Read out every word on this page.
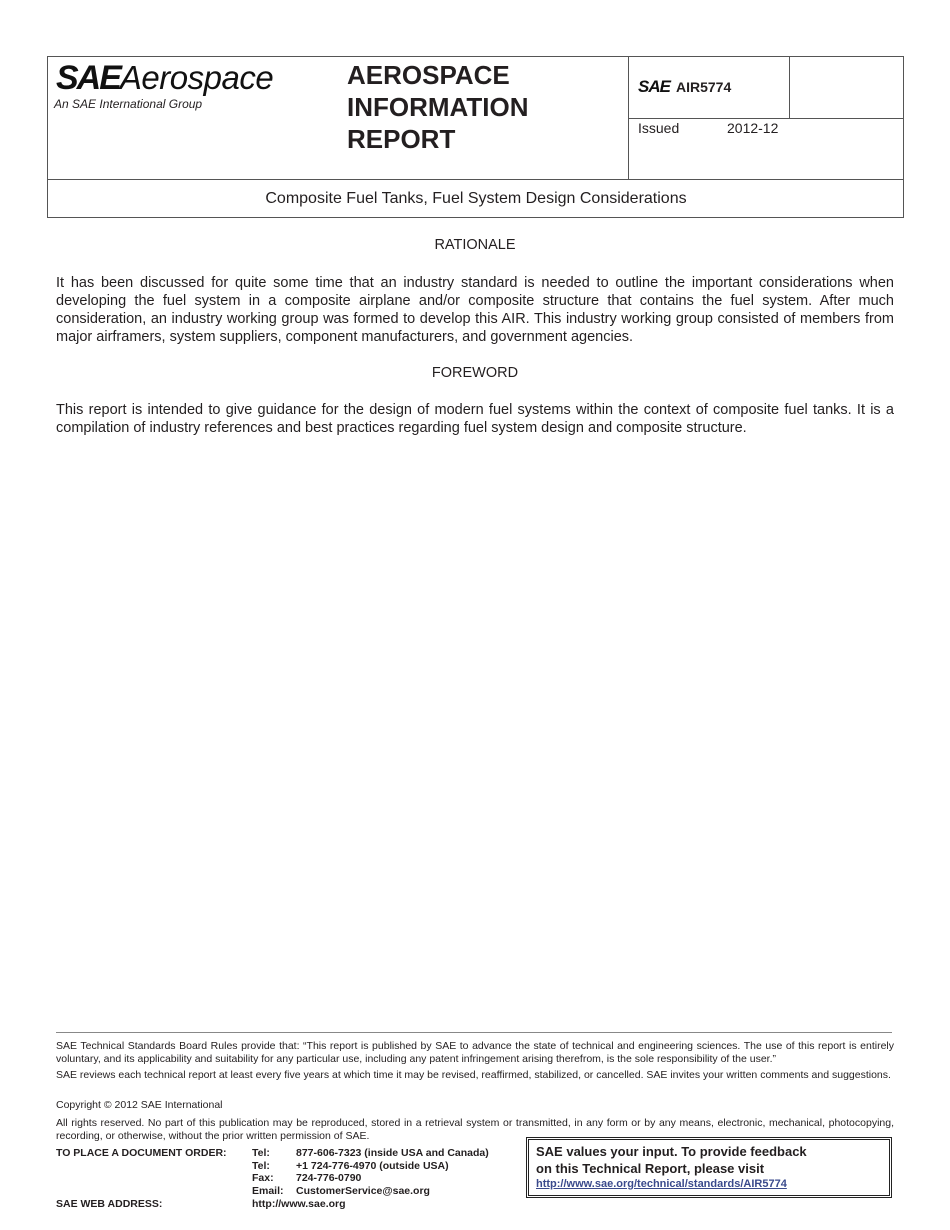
SAEAerospace
An SAE International Group
AEROSPACE
INFORMATION
REPORT
SAE AIR5774
Issued	2012-12
Composite Fuel Tanks, Fuel System Design Considerations
RATIONALE

It has been discussed for quite some time that an industry standard is needed to outline the important considerations when developing the fuel system in a composite airplane and/or composite structure that contains the fuel system. After much consideration, an industry working group was formed to develop this AIR. This industry working group consisted of members from major airframers, system suppliers, component manufacturers, and government agencies.

FOREWORD

This report is intended to give guidance for the design of modern fuel systems within the context of composite fuel tanks. It is a compilation of industry references and best practices regarding fuel system design and composite structure.

SAE Technical Standards Board Rules provide that: “This report is published by SAE to advance the state of technical and engineering sciences. The use of this report is entirely voluntary, and its applicability and suitability for any particular use, including any patent infringement arising therefrom, is the sole responsibility of the user.”

SAE reviews each technical report at least every five years at which time it may be revised, reaffirmed, stabilized, or cancelled. SAE invites your written comments and suggestions.

Copyright © 2012 SAE International

All rights reserved. No part of this publication may be reproduced, stored in a retrieval system or transmitted, in any form or by any means, electronic, mechanical, photocopying, recording, or otherwise, without the prior written permission of SAE.

TO PLACE A DOCUMENT ORDER:
SAE WEB ADDRESS:
Tel: 877-606-7323 (inside USA and Canada)
Tel: +1 724-776-4970 (outside USA)
Fax: 724-776-0790
Email: CustomerService@sae.org
http://www.sae.org
SAE values your input. To provide feedback
on this Technical Report, please visit
http://www.sae.org/technical/standards/AIR5774
